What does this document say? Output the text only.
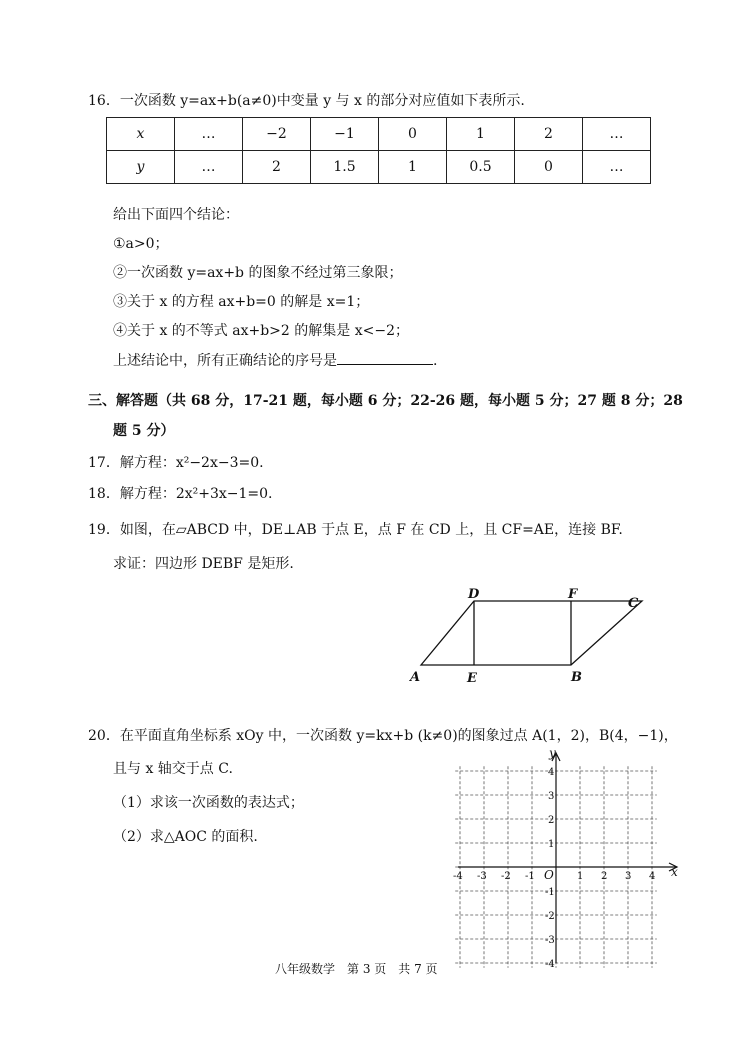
16．一次函数 y=ax+b(a≠0)中变量 y 与 x 的部分对应值如下表所示.
x	…	−2	−1	0	1	2	…
y	…	2	1.5	1	0.5	0	…
给出下面四个结论：
①a>0；
②一次函数 y=ax+b 的图象不经过第三象限；
③关于 x 的方程 ax+b=0 的解是 x=1；
④关于 x 的不等式 ax+b>2 的解集是 x<−2；
上述结论中，所有正确结论的序号是	.
三、解答题（共 68 分，17-21 题，每小题 6 分；22-26 题，每小题 5 分；27 题 8 分；28
题 5 分）
17．解方程：x²−2x−3=0.
18．解方程：2x²+3x−1=0.
19．如图，在▱ABCD 中，DE⊥AB 于点 E，点 F 在 CD 上，且 CF=AE，连接 BF.
求证：四边形 DEBF 是矩形.
A	E	B
D	F
C
20．在平面直角坐标系 xOy 中，一次函数 y=kx+b (k≠0)的图象过点 A(1，2)，B(4，−1)，
且与 x 轴交于点 C.
（1）求该一次函数的表达式；
（2）求△AOC 的面积.
-4 -3 -2 -1	1 2 3 4
4
3
2
1
-1
-2
-3
-4
x
y
O
八年级数学　第 3 页　共 7 页
